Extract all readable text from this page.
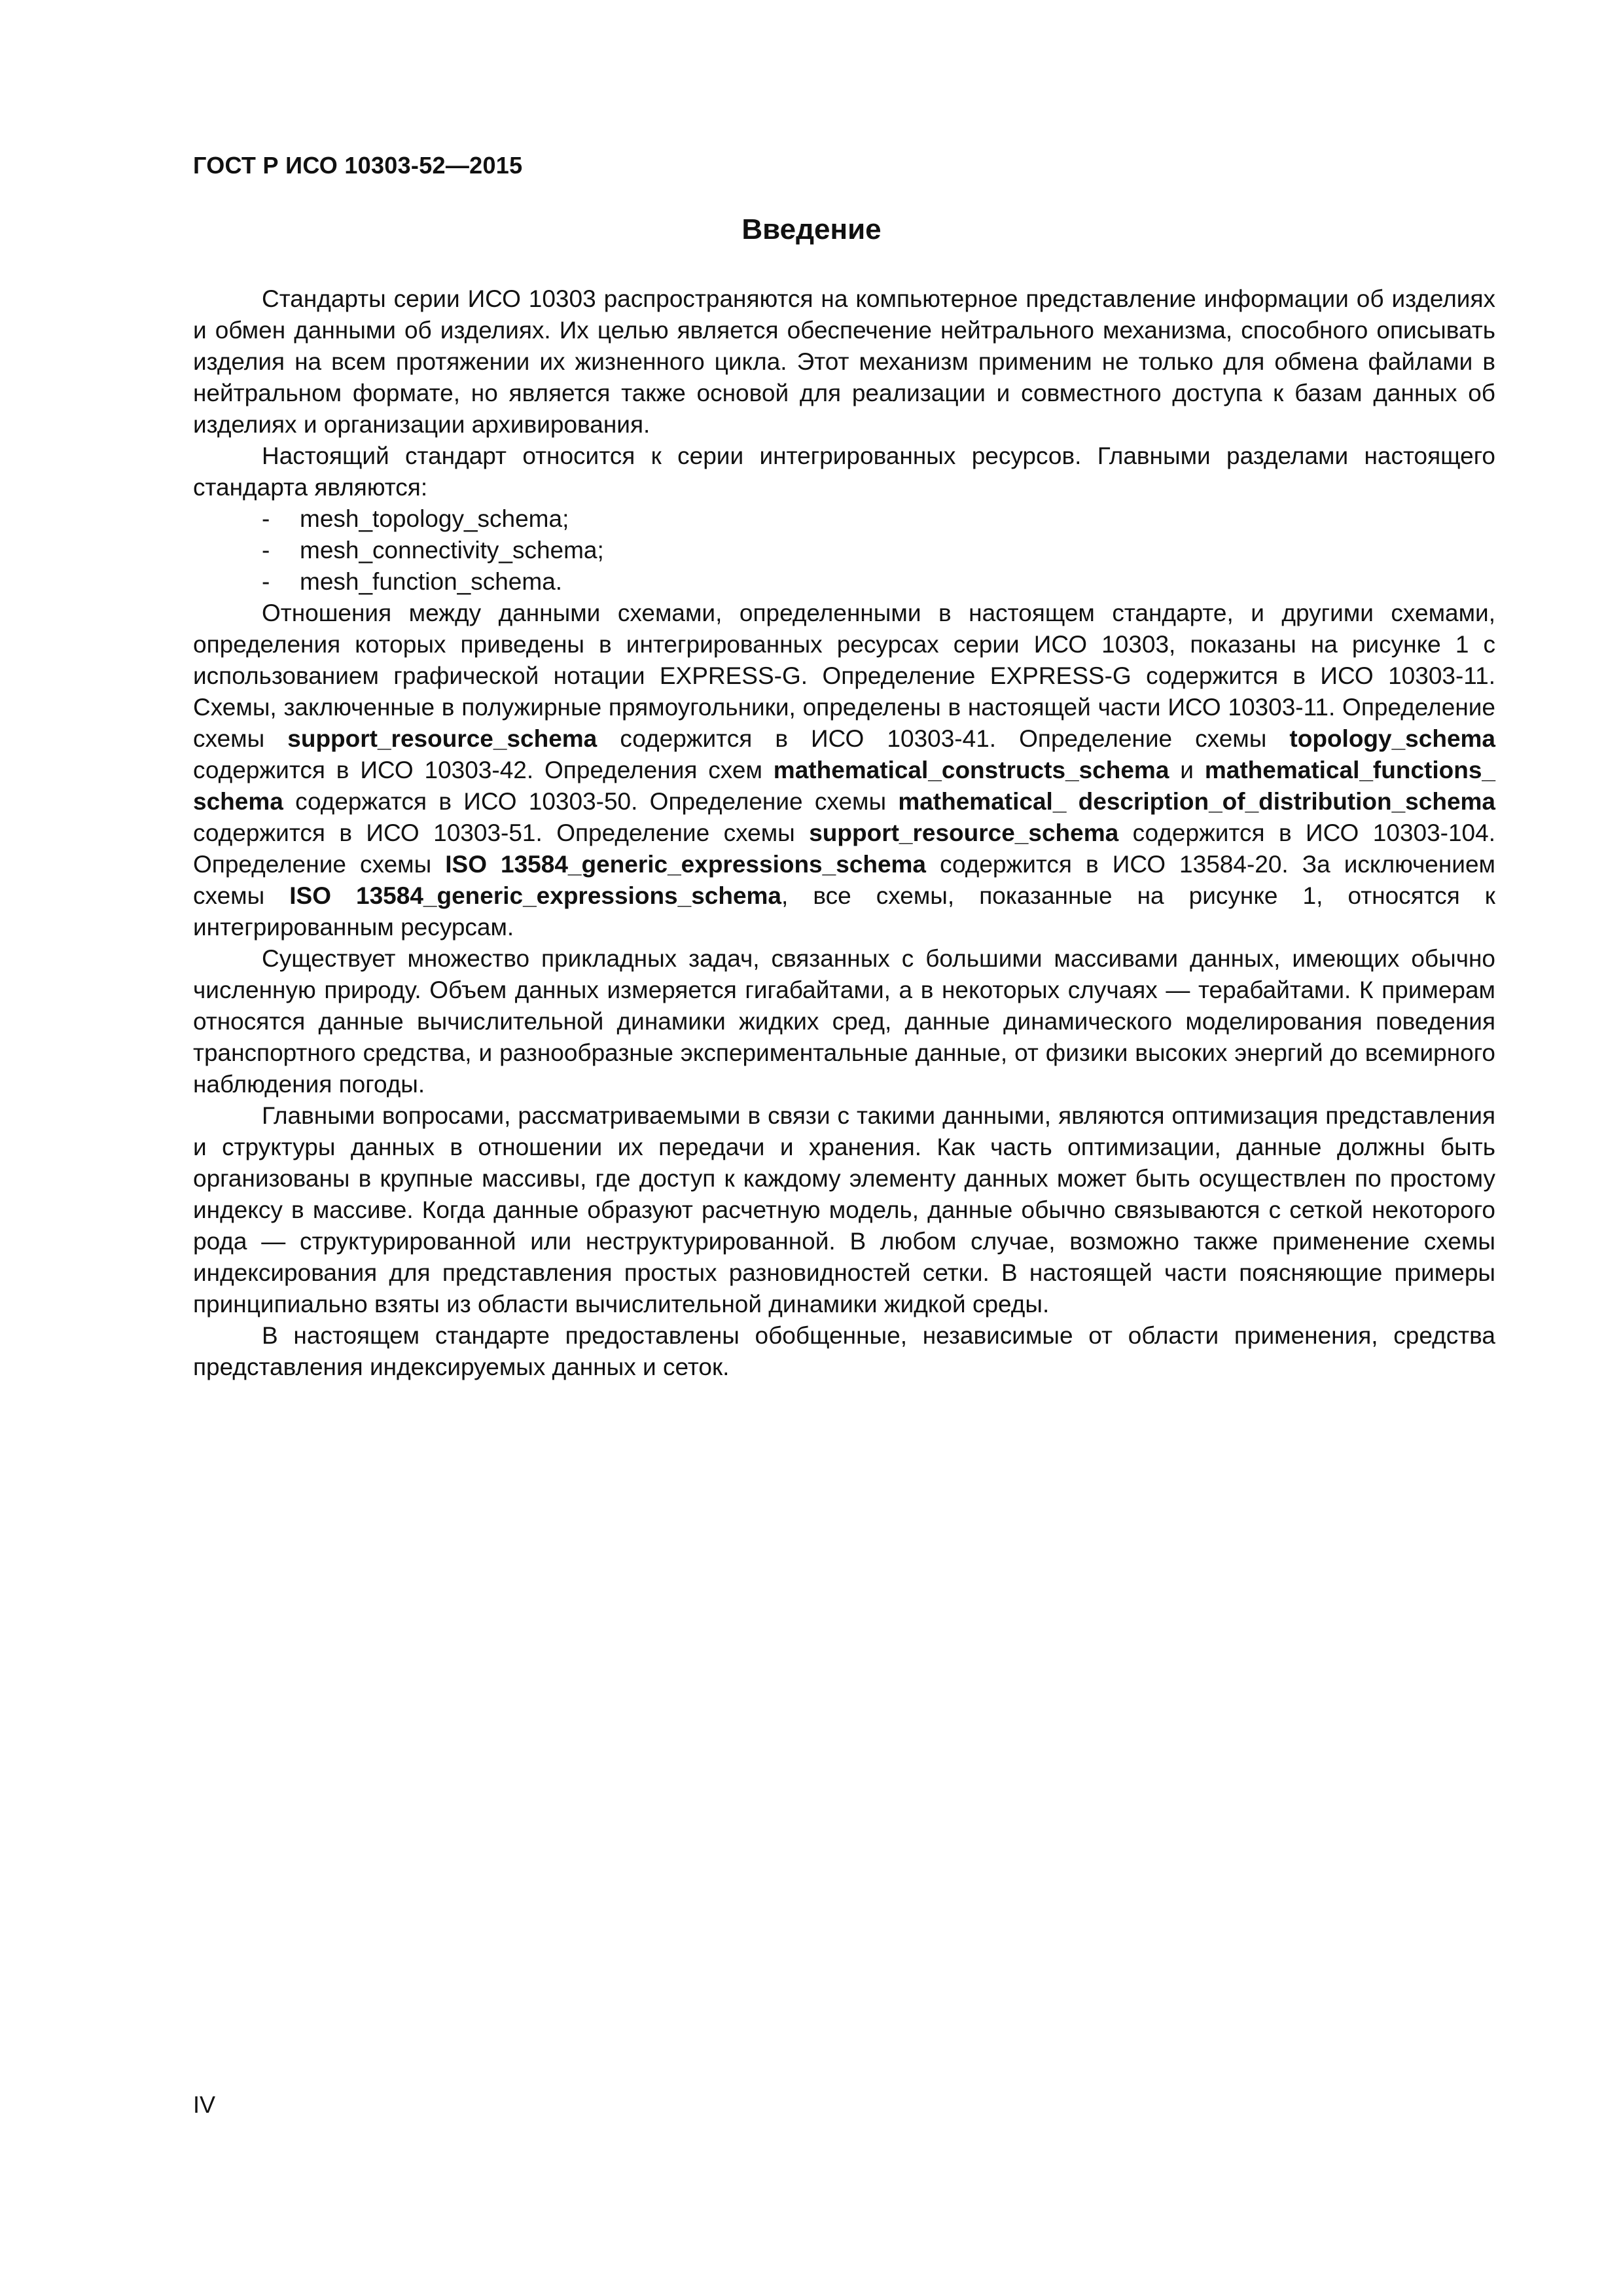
ГОСТ Р ИСО 10303-52—2015

Введение

Стандарты серии ИСО 10303 распространяются на компьютерное представление информации об изделиях и обмен данными об изделиях. Их целью является обеспечение нейтрального механизма, способного описывать изделия на всем протяжении их жизненного цикла. Этот механизм применим не только для обмена файлами в нейтральном формате, но является также основой для реализации и совместного доступа к базам данных об изделиях и организации архивирования.

Настоящий стандарт относится к серии интегрированных ресурсов. Главными разделами настоящего стандарта являются:

- mesh_topology_schema;

- mesh_connectivity_schema;

- mesh_function_schema.

Отношения между данными схемами, определенными в настоящем стандарте, и другими схемами, определения которых приведены в интегрированных ресурсах серии ИСО 10303, показаны на рисунке 1 с использованием графической нотации EXPRESS-G. Определение EXPRESS-G содержится в ИСО 10303-11. Схемы, заключенные в полужирные прямоугольники, определены в настоящей части ИСО 10303-11. Определение схемы support_resource_schema содержится в ИСО 10303-41. Определение схемы topology_schema содержится в ИСО 10303-42. Определения схем mathematical_constructs_schema и mathematical_functions_ schema содержатся в ИСО 10303-50. Определение схемы mathematical_ description_of_distribution_schema содержится в ИСО 10303-51. Определение схемы support_resource_schema содержится в ИСО 10303-104. Определение схемы ISO 13584_generic_expressions_schema содержится в ИСО 13584-20. За исключением схемы ISO 13584_generic_expressions_schema, все схемы, показанные на рисунке 1, относятся к интегрированным ресурсам.

Существует множество прикладных задач, связанных с большими массивами данных, имеющих обычно численную природу. Объем данных измеряется гигабайтами, а в некоторых случаях — терабайтами. К примерам относятся данные вычислительной динамики жидких сред, данные динамического моделирования поведения транспортного средства, и разнообразные экспериментальные данные, от физики высоких энергий до всемирного наблюдения погоды.

Главными вопросами, рассматриваемыми в связи с такими данными, являются оптимизация представления и структуры данных в отношении их передачи и хранения. Как часть оптимизации, данные должны быть организованы в крупные массивы, где доступ к каждому элементу данных может быть осуществлен по простому индексу в массиве. Когда данные образуют расчетную модель, данные обычно связываются с сеткой некоторого рода — структурированной или неструктурированной. В любом случае, возможно также применение схемы индексирования для представления простых разновидностей сетки. В настоящей части поясняющие примеры принципиально взяты из области вычислительной динамики жидкой среды.

В настоящем стандарте предоставлены обобщенные, независимые от области применения, средства представления индексируемых данных и сеток.

IV
